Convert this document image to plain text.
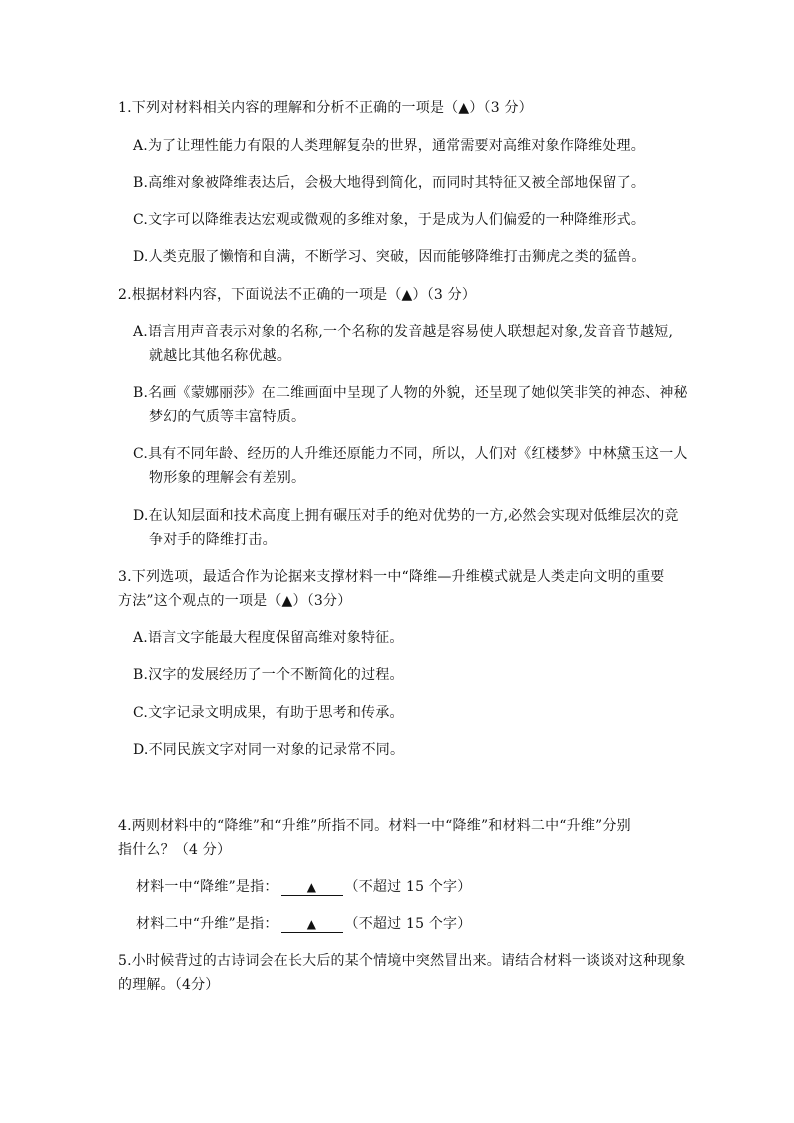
1.下列对材料相关内容的理解和分析不正确的一项是（▲）（3 分）
A.为了让理性能力有限的人类理解复杂的世界，通常需要对高维对象作降维处理。
B.高维对象被降维表达后，会极大地得到简化，而同时其特征又被全部地保留了。
C.文字可以降维表达宏观或微观的多维对象，于是成为人们偏爱的一种降维形式。
D.人类克服了懒惰和自满，不断学习、突破，因而能够降维打击狮虎之类的猛兽。
2.根据材料内容，下面说法不正确的一项是（▲）（3 分）
A.语言用声音表示对象的名称,一个名称的发音越是容易使人联想起对象,发音音节越短,
就越比其他名称优越。
B.名画《蒙娜丽莎》在二维画面中呈现了人物的外貌，还呈现了她似笑非笑的神态、神秘
梦幻的气质等丰富特质。
C.具有不同年龄、经历的人升维还原能力不同，所以，人们对《红楼梦》中林黛玉这一人
物形象的理解会有差别。
D.在认知层面和技术高度上拥有碾压对手的绝对优势的一方,必然会实现对低维层次的竞
争对手的降维打击。
3.下列选项，最适合作为论据来支撑材料一中“降维—升维模式就是人类走向文明的重要
方法”这个观点的一项是（▲）（3分）
A.语言文字能最大程度保留高维对象特征。
B.汉字的发展经历了一个不断简化的过程。
C.文字记录文明成果，有助于思考和传承。
D.不同民族文字对同一对象的记录常不同。
4.两则材料中的“降维”和“升维”所指不同。材料一中“降维”和材料二中“升维”分别
指什么？（4 分）
材料一中“降维”是指： ▲ （不超过 15 个字）
材料二中“升维”是指： ▲ （不超过 15 个字）
5.小时候背过的古诗词会在长大后的某个情境中突然冒出来。请结合材料一谈谈对这种现象
的理解。（4分）
